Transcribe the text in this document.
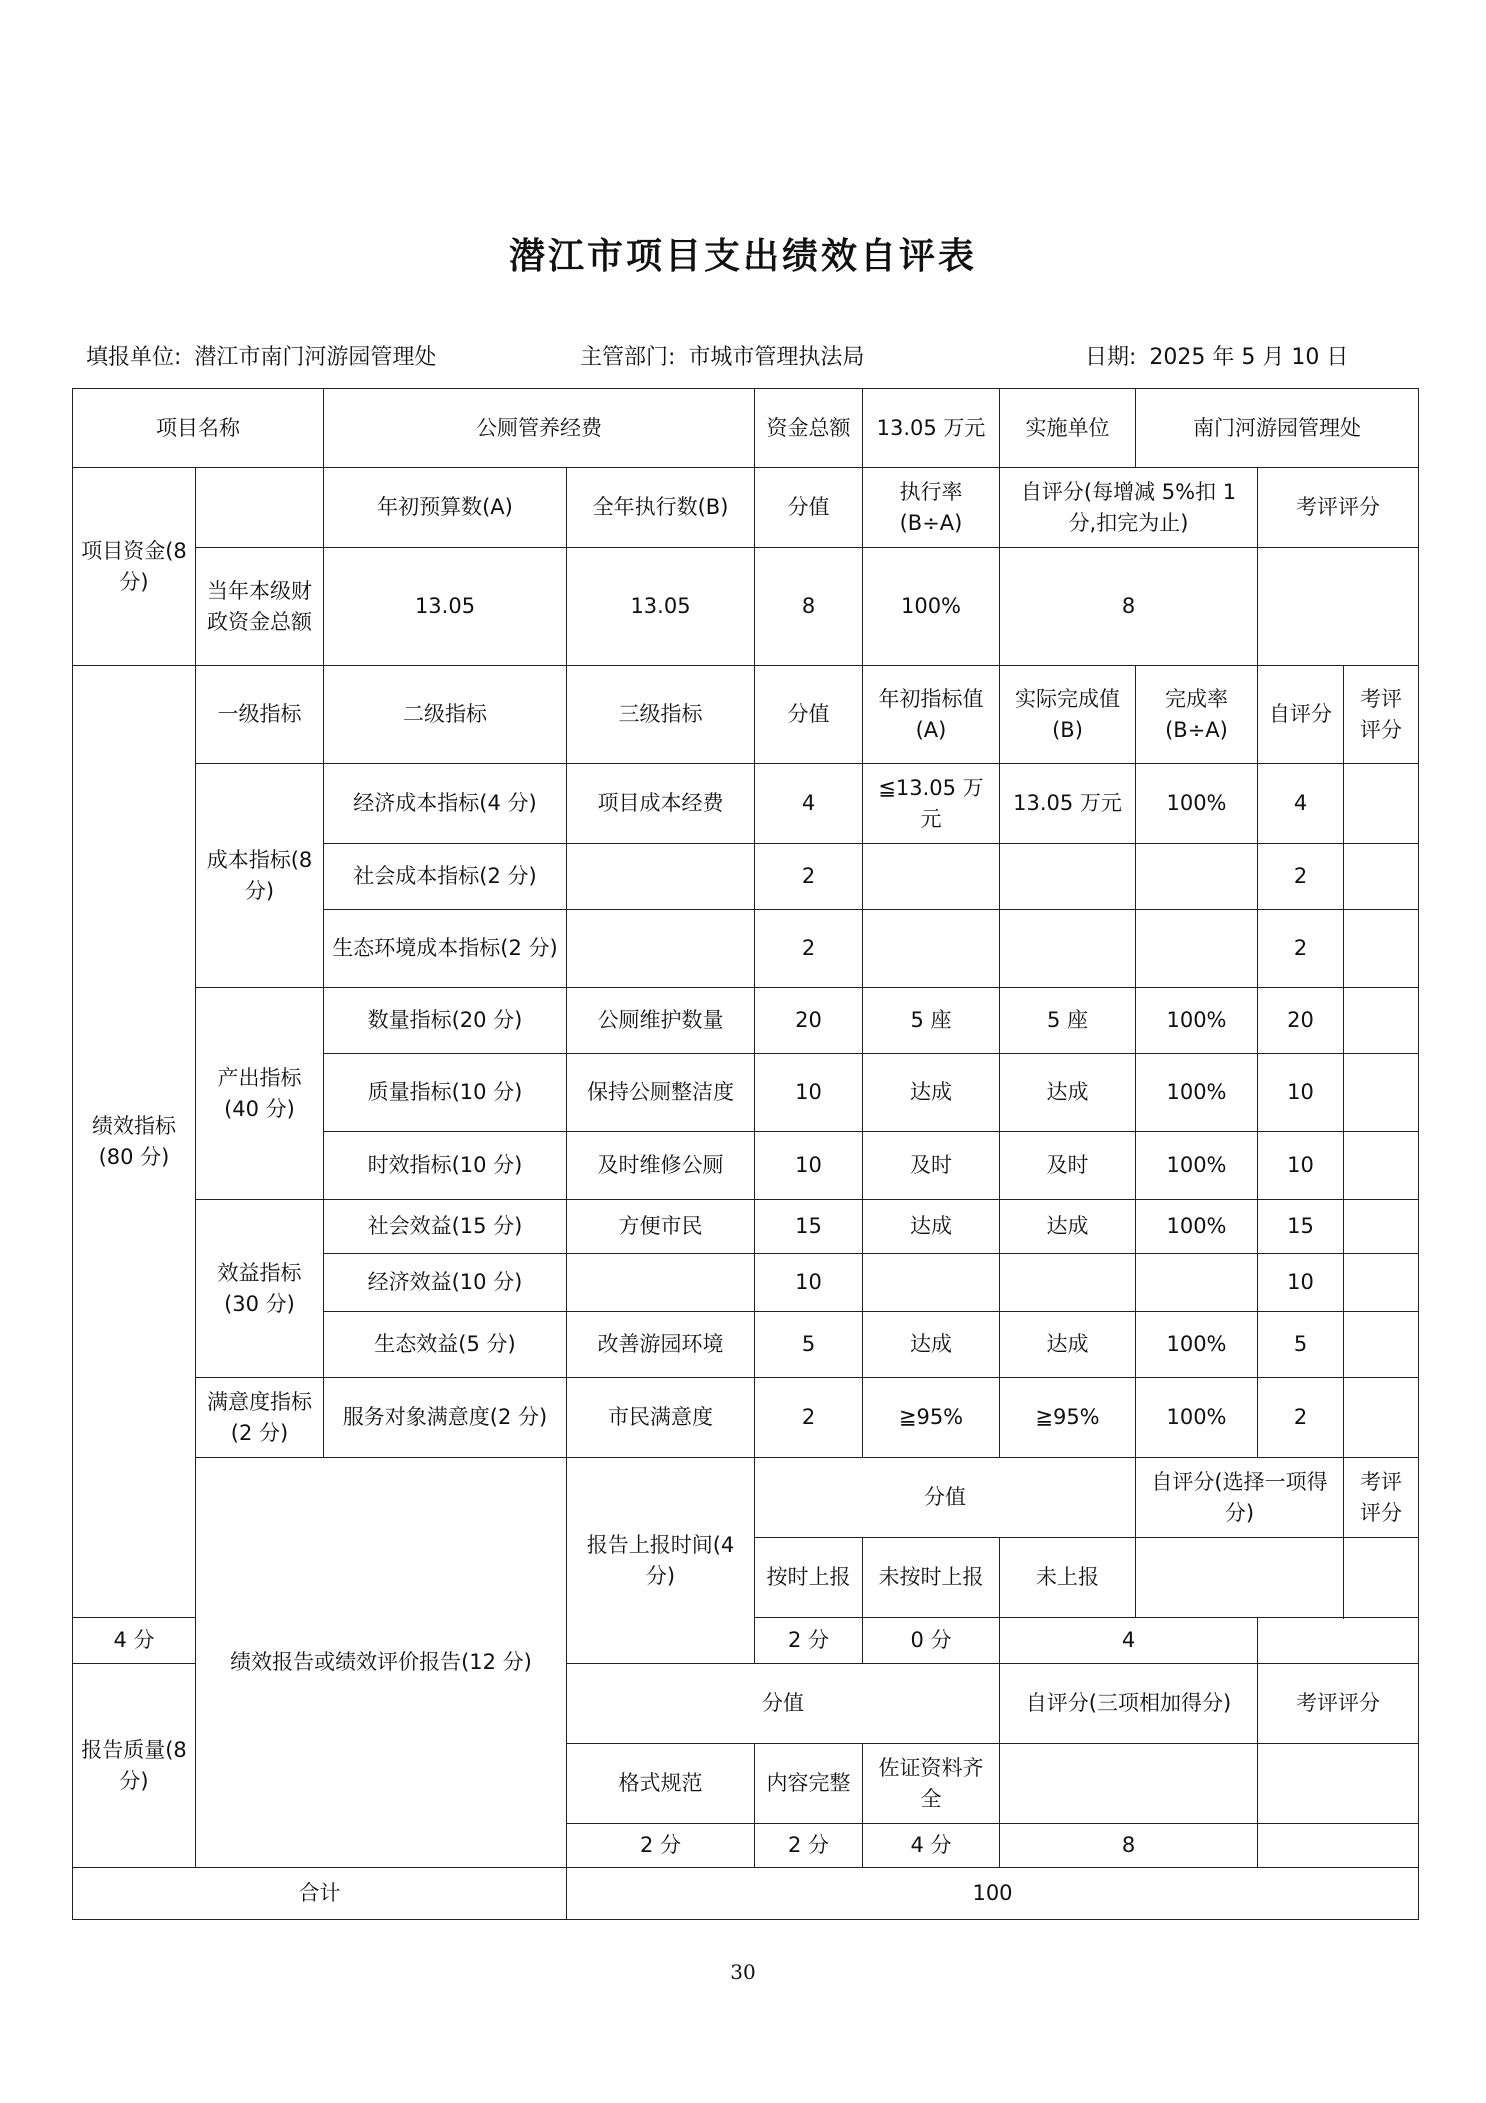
潜江市项目支出绩效自评表
填报单位: 潜江市南门河游园管理处	主管部门: 市城市管理执法局	日期: 2025 年 5 月 10 日
项目名称		公厕管养经费		资金总额	13.05 万元	实施单位	南门河游园管理处			
项目资金(8 分)		年初预算数(A)	全年执行数(B)	分值	执行率(B÷A)	自评分(每增减 5%扣 1 分,扣完为止)		考评评分		
	当年本级财政资金总额	13.05	13.05	8	100%	8				
绩效指标(80 分)	一级指标	二级指标	三级指标	分值	年初指标值(A)	实际完成值(B)	完成率(B÷A)	自评分	考评评分	
	成本指标(8 分)	经济成本指标(4 分)	项目成本经费	4	≦13.05 万元	13.05 万元	100%	4		
		社会成本指标(2 分)		2				2		
		生态环境成本指标(2 分)		2				2		
	产出指标(40 分)	数量指标(20 分)	公厕维护数量	20	5 座	5 座	100%	20		
		质量指标(10 分)	保持公厕整洁度	10	达成	达成	100%	10		
		时效指标(10 分)	及时维修公厕	10	及时	及时	100%	10		
	效益指标(30 分)	社会效益(15 分)	方便市民	15	达成	达成	100%	15		
		经济效益(10 分)		10				10		
		生态效益(5 分)	改善游园环境	5	达成	达成	100%	5		
	满意度指标(2 分)	服务对象满意度(2 分)	市民满意度	2	≧95%	≧95%	100%	2		
	绩效报告或绩效评价报告(12 分)		报告上报时间(4 分)	分值			自评分(选择一项得分)		考评评分	
				按时上报	未按时上报	未上报				

4 分				2 分	0 分	4				
报告质量(8 分)			分值			自评分(三项相加得分)		考评评分		
			格式规范	内容完整	佐证资料齐全					

			2 分	2 分	4 分	8				
合计			100							
30
